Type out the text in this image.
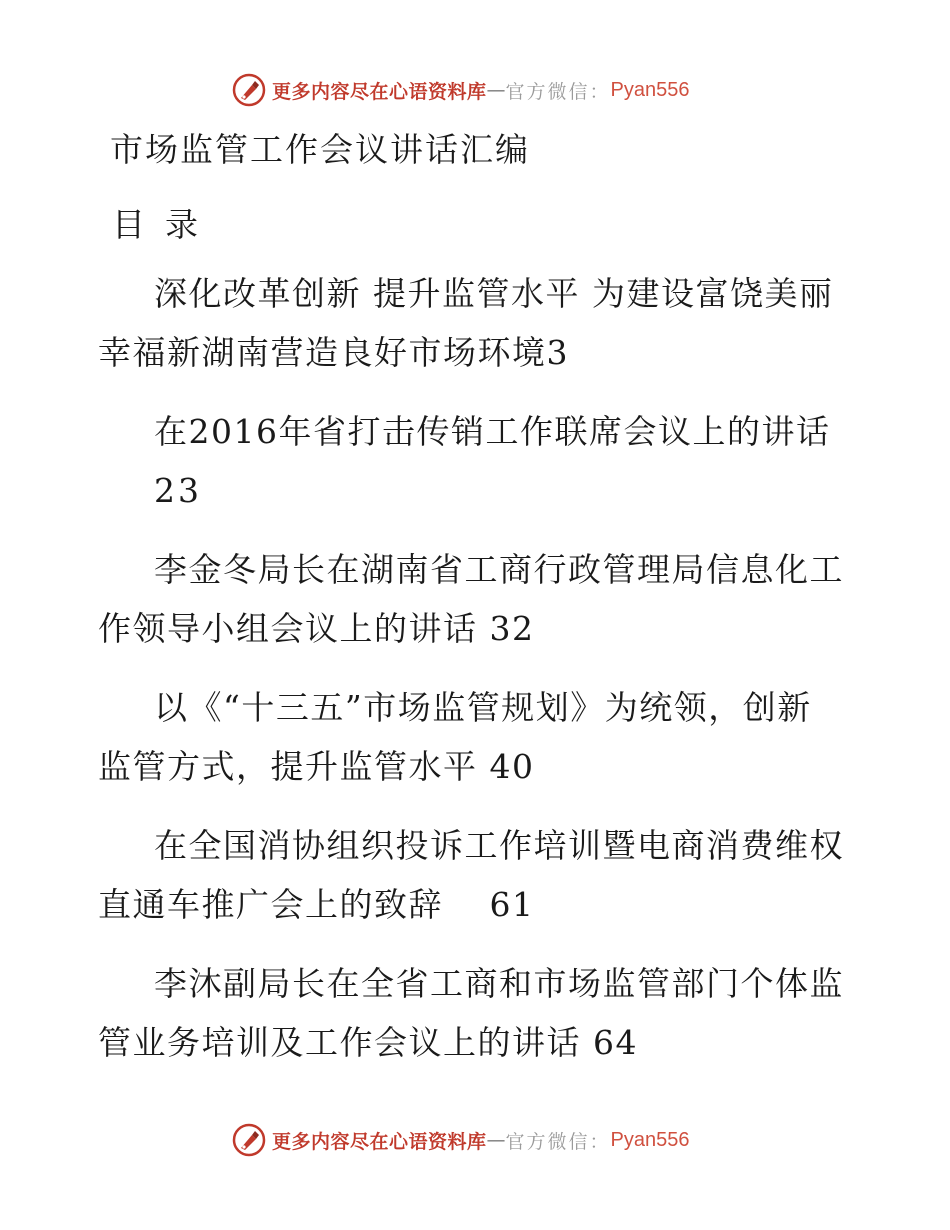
更多内容尽在心语资料库 — 官方微信： Pyan556
市场监管工作会议讲话汇编
目录
深化改革创新 提升监管水平 为建设富饶美丽
幸福新湖南营造良好市场环境3
在2016年省打击传销工作联席会议上的讲话
23
李金冬局长在湖南省工商行政管理局信息化工
作领导小组会议上的讲话 32
以《“十三五”市场监管规划》为统领，创新
监管方式，提升监管水平 40
在全国消协组织投诉工作培训暨电商消费维权
直通车推广会上的致辞　 61
李沐副局长在全省工商和市场监管部门个体监
管业务培训及工作会议上的讲话 64
更多内容尽在心语资料库 — 官方微信： Pyan556
